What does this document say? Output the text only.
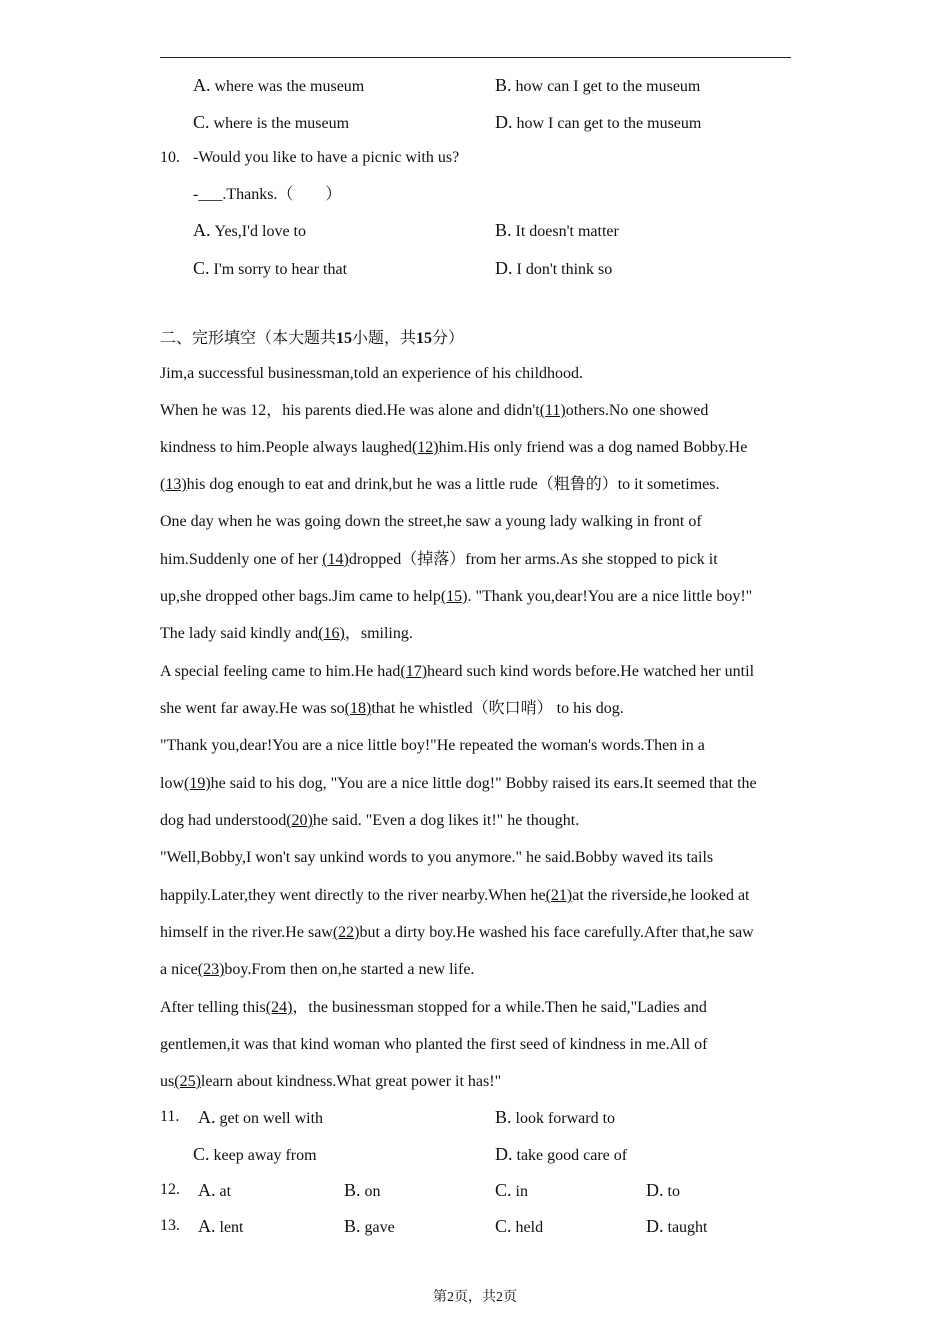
A. where was the museum	B. how can I get to the museum
C. where is the museum	D. how I can get to the museum
10. -Would you like to have a picnic with us?
-___.Thanks.（　　）
A. Yes,I'd love to	B. It doesn't matter
C. I'm sorry to hear that	D. I don't think so
二、完形填空（本大题共15小题，共15分）
Jim,a successful businessman,told an experience of his childhood.
When he was 12，his parents died.He was alone and didn't(11)others.No one showed
kindness to him.People always laughed(12)him.His only friend was a dog named Bobby.He
(13)his dog enough to eat and drink,but he was a little rude（粗鲁的）to it sometimes.
One day when he was going down the street,he saw a young lady walking in front of
him.Suddenly one of her (14)dropped（掉落）from her arms.As she stopped to pick it
up,she dropped other bags.Jim came to help(15). "Thank you,dear!You are a nice little boy!"
The lady said kindly and(16)，smiling.
A special feeling came to him.He had(17)heard such kind words before.He watched her until
she went far away.He was so(18)that he whistled（吹口哨） to his dog.
"Thank you,dear!You are a nice little boy!"He repeated the woman's words.Then in a
low(19)he said to his dog, "You are a nice little dog!" Bobby raised its ears.It seemed that the
dog had understood(20)he said. "Even a dog likes it!" he thought.
"Well,Bobby,I won't say unkind words to you anymore." he said.Bobby waved its tails
happily.Later,they went directly to the river nearby.When he(21)at the riverside,he looked at
himself in the river.He saw(22)but a dirty boy.He washed his face carefully.After that,he saw
a nice(23)boy.From then on,he started a new life.
After telling this(24)，the businessman stopped for a while.Then he said,"Ladies and
gentlemen,it was that kind woman who planted the first seed of kindness in me.All of
us(25)learn about kindness.What great power it has!"
11. A. get on well with	B. look forward to
C. keep away from	D. take good care of
12. A. at	B. on	C. in	D. to
13. A. lent	B. gave	C. held	D. taught
第2页，共2页
